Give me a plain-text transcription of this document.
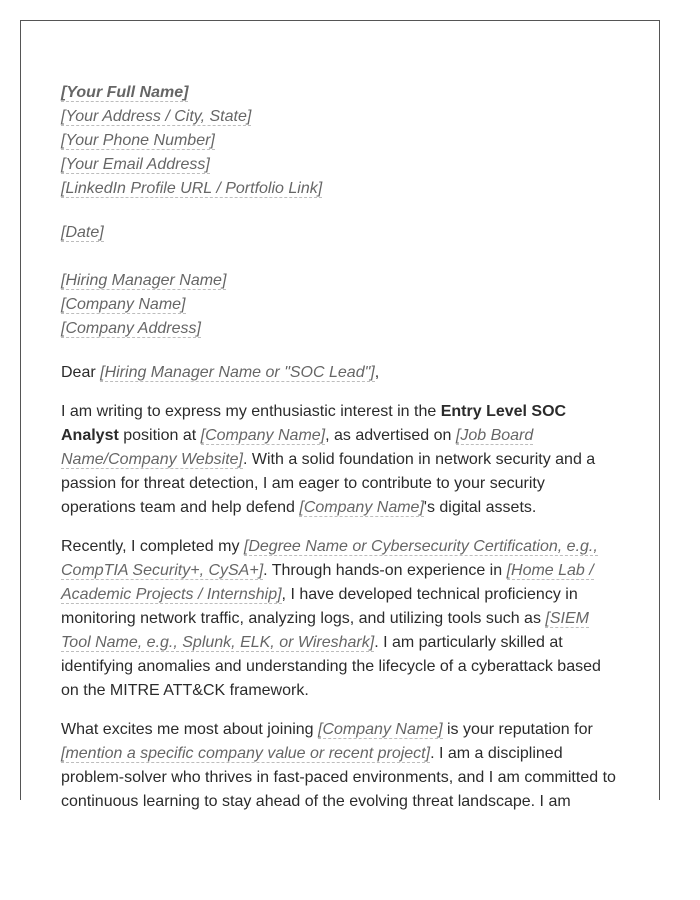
[Your Full Name]
[Your Address / City, State]
[Your Phone Number]
[Your Email Address]
[LinkedIn Profile URL / Portfolio Link]
[Date]
[Hiring Manager Name]
[Company Name]
[Company Address]

Dear [Hiring Manager Name or "SOC Lead"],

I am writing to express my enthusiastic interest in the Entry Level SOC Analyst position at [Company Name], as advertised on [Job Board Name/Company Website]. With a solid foundation in network security and a passion for threat detection, I am eager to contribute to your security operations team and help defend [Company Name]'s digital assets.

Recently, I completed my [Degree Name or Cybersecurity Certification, e.g., CompTIA Security+, CySA+]. Through hands-on experience in [Home Lab / Academic Projects / Internship], I have developed technical proficiency in monitoring network traffic, analyzing logs, and utilizing tools such as [SIEM Tool Name, e.g., Splunk, ELK, or Wireshark]. I am particularly skilled at identifying anomalies and understanding the lifecycle of a cyberattack based on the MITRE ATT&CK framework.

What excites me most about joining [Company Name] is your reputation for [mention a specific company value or recent project]. I am a disciplined problem-solver who thrives in fast-paced environments, and I am committed to continuous learning to stay ahead of the evolving threat landscape. I am
